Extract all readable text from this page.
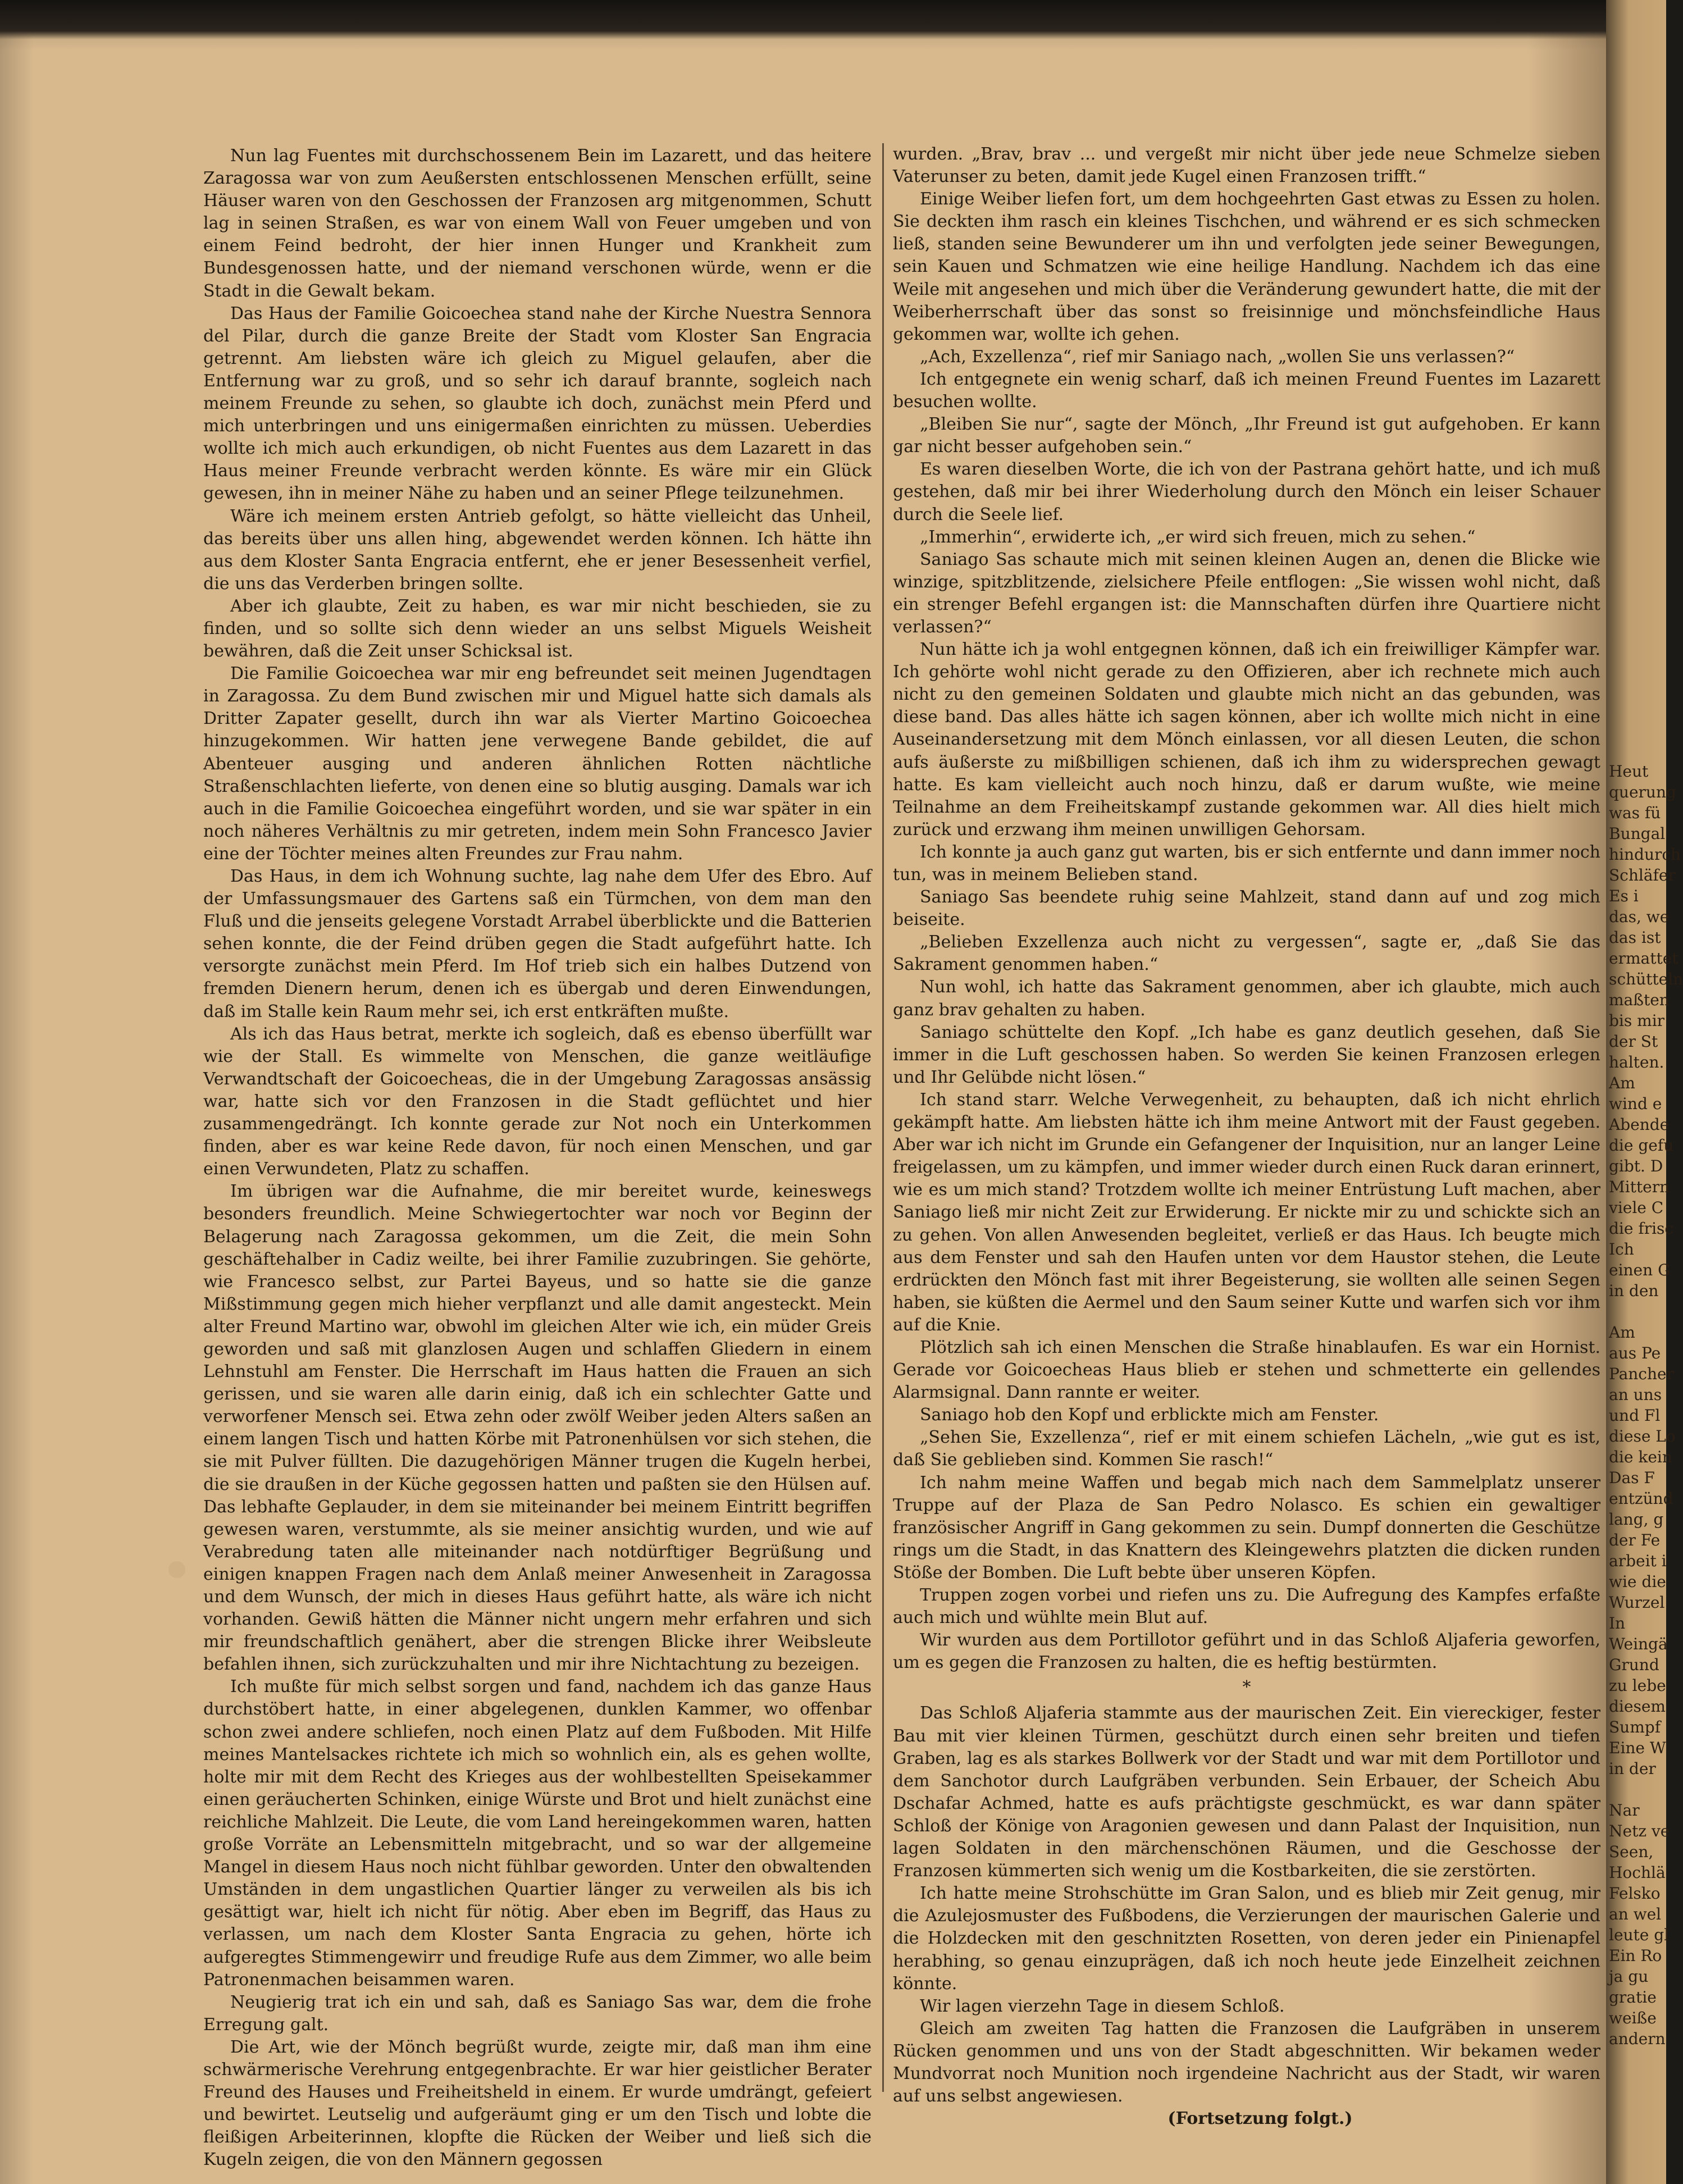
Nun lag Fuentes mit durchschossenem Bein im Lazarett, und das heitere Zaragossa war von zum Aeußersten entschlossenen Menschen erfüllt, seine Häuser waren von den Geschossen der Franzosen arg mitgenommen, Schutt lag in seinen Straßen, es war von einem Wall von Feuer umgeben und von einem Feind bedroht, der hier innen Hunger und Krankheit zum Bundesgenossen hatte, und der niemand verschonen würde, wenn er die Stadt in die Gewalt bekam.

Das Haus der Familie Goicoechea stand nahe der Kirche Nuestra Sennora del Pilar, durch die ganze Breite der Stadt vom Kloster San Engracia getrennt. Am liebsten wäre ich gleich zu Miguel gelaufen, aber die Entfernung war zu groß, und so sehr ich darauf brannte, sogleich nach meinem Freunde zu sehen, so glaubte ich doch, zunächst mein Pferd und mich unterbringen und uns einigermaßen einrichten zu müssen. Ueberdies wollte ich mich auch erkundigen, ob nicht Fuentes aus dem Lazarett in das Haus meiner Freunde verbracht werden könnte. Es wäre mir ein Glück gewesen, ihn in meiner Nähe zu haben und an seiner Pflege teilzunehmen.

Wäre ich meinem ersten Antrieb gefolgt, so hätte vielleicht das Unheil, das bereits über uns allen hing, abgewendet werden können. Ich hätte ihn aus dem Kloster Santa Engracia entfernt, ehe er jener Besessenheit verfiel, die uns das Verderben bringen sollte.

Aber ich glaubte, Zeit zu haben, es war mir nicht beschieden, sie zu finden, und so sollte sich denn wieder an uns selbst Miguels Weisheit bewähren, daß die Zeit unser Schicksal ist.

Die Familie Goicoechea war mir eng befreundet seit meinen Jugendtagen in Zaragossa. Zu dem Bund zwischen mir und Miguel hatte sich damals als Dritter Zapater gesellt, durch ihn war als Vierter Martino Goicoechea hinzugekommen. Wir hatten jene verwegene Bande gebildet, die auf Abenteuer ausging und anderen ähnlichen Rotten nächtliche Straßenschlachten lieferte, von denen eine so blutig ausging. Damals war ich auch in die Familie Goicoechea eingeführt worden, und sie war später in ein noch näheres Verhältnis zu mir getreten, indem mein Sohn Francesco Javier eine der Töchter meines alten Freundes zur Frau nahm.

Das Haus, in dem ich Wohnung suchte, lag nahe dem Ufer des Ebro. Auf der Umfassungsmauer des Gartens saß ein Türmchen, von dem man den Fluß und die jenseits gelegene Vorstadt Arrabel überblickte und die Batterien sehen konnte, die der Feind drüben gegen die Stadt aufgeführt hatte. Ich versorgte zunächst mein Pferd. Im Hof trieb sich ein halbes Dutzend von fremden Dienern herum, denen ich es übergab und deren Einwendungen, daß im Stalle kein Raum mehr sei, ich erst entkräften mußte.

Als ich das Haus betrat, merkte ich sogleich, daß es ebenso überfüllt war wie der Stall. Es wimmelte von Menschen, die ganze weitläufige Verwandtschaft der Goicoecheas, die in der Umgebung Zaragossas ansässig war, hatte sich vor den Franzosen in die Stadt geflüchtet und hier zusammengedrängt. Ich konnte gerade zur Not noch ein Unterkommen finden, aber es war keine Rede davon, für noch einen Menschen, und gar einen Verwundeten, Platz zu schaffen.

Im übrigen war die Aufnahme, die mir bereitet wurde, keineswegs besonders freundlich. Meine Schwiegertochter war noch vor Beginn der Belagerung nach Zaragossa gekommen, um die Zeit, die mein Sohn geschäftehalber in Cadiz weilte, bei ihrer Familie zuzubringen. Sie gehörte, wie Francesco selbst, zur Partei Bayeus, und so hatte sie die ganze Mißstimmung gegen mich hieher verpflanzt und alle damit angesteckt. Mein alter Freund Martino war, obwohl im gleichen Alter wie ich, ein müder Greis geworden und saß mit glanzlosen Augen und schlaffen Gliedern in einem Lehnstuhl am Fenster. Die Herrschaft im Haus hatten die Frauen an sich gerissen, und sie waren alle darin einig, daß ich ein schlechter Gatte und verworfener Mensch sei. Etwa zehn oder zwölf Weiber jeden Alters saßen an einem langen Tisch und hatten Körbe mit Patronenhülsen vor sich stehen, die sie mit Pulver füllten. Die dazugehörigen Männer trugen die Kugeln herbei, die sie draußen in der Küche gegossen hatten und paßten sie den Hülsen auf. Das lebhafte Geplauder, in dem sie miteinander bei meinem Eintritt begriffen gewesen waren, verstummte, als sie meiner ansichtig wurden, und wie auf Verabredung taten alle miteinander nach notdürftiger Begrüßung und einigen knappen Fragen nach dem Anlaß meiner Anwesenheit in Zaragossa und dem Wunsch, der mich in dieses Haus geführt hatte, als wäre ich nicht vorhanden. Gewiß hätten die Männer nicht ungern mehr erfahren und sich mir freundschaftlich genähert, aber die strengen Blicke ihrer Weibsleute befahlen ihnen, sich zurückzuhalten und mir ihre Nichtachtung zu bezeigen.

Ich mußte für mich selbst sorgen und fand, nachdem ich das ganze Haus durchstöbert hatte, in einer abgelegenen, dunklen Kammer, wo offenbar schon zwei andere schliefen, noch einen Platz auf dem Fußboden. Mit Hilfe meines Mantelsackes richtete ich mich so wohnlich ein, als es gehen wollte, holte mir mit dem Recht des Krieges aus der wohlbestellten Speisekammer einen geräucherten Schinken, einige Würste und Brot und hielt zunächst eine reichliche Mahlzeit. Die Leute, die vom Land hereingekommen waren, hatten große Vorräte an Lebensmitteln mitgebracht, und so war der allgemeine Mangel in diesem Haus noch nicht fühlbar geworden. Unter den obwaltenden Umständen in dem ungastlichen Quartier länger zu verweilen als bis ich gesättigt war, hielt ich nicht für nötig. Aber eben im Begriff, das Haus zu verlassen, um nach dem Kloster Santa Engracia zu gehen, hörte ich aufgeregtes Stimmengewirr und freudige Rufe aus dem Zimmer, wo alle beim Patronenmachen beisammen waren.

Neugierig trat ich ein und sah, daß es Saniago Sas war, dem die frohe Erregung galt.

Die Art, wie der Mönch begrüßt wurde, zeigte mir, daß man ihm eine schwärmerische Verehrung entgegenbrachte. Er war hier geistlicher Berater Freund des Hauses und Freiheitsheld in einem. Er wurde umdrängt, gefeiert und bewirtet. Leutselig und aufgeräumt ging er um den Tisch und lobte die fleißigen Arbeiterinnen, klopfte die Rücken der Weiber und ließ sich die Kugeln zeigen, die von den Männern gegossen

wurden. „Brav, brav ... und vergeßt mir nicht über jede neue Schmelze sieben Vaterunser zu beten, damit jede Kugel einen Franzosen trifft.“

Einige Weiber liefen fort, um dem hochgeehrten Gast etwas zu Essen zu holen. Sie deckten ihm rasch ein kleines Tischchen, und während er es sich schmecken ließ, standen seine Bewunderer um ihn und verfolgten jede seiner Bewegungen, sein Kauen und Schmatzen wie eine heilige Handlung. Nachdem ich das eine Weile mit angesehen und mich über die Veränderung gewundert hatte, die mit der Weiberherrschaft über das sonst so freisinnige und mönchsfeindliche Haus gekommen war, wollte ich gehen.

„Ach, Exzellenza“, rief mir Saniago nach, „wollen Sie uns verlassen?“

Ich entgegnete ein wenig scharf, daß ich meinen Freund Fuentes im Lazarett besuchen wollte.

„Bleiben Sie nur“, sagte der Mönch, „Ihr Freund ist gut aufgehoben. Er kann gar nicht besser aufgehoben sein.“

Es waren dieselben Worte, die ich von der Pastrana gehört hatte, und ich muß gestehen, daß mir bei ihrer Wiederholung durch den Mönch ein leiser Schauer durch die Seele lief.

„Immerhin“, erwiderte ich, „er wird sich freuen, mich zu sehen.“

Saniago Sas schaute mich mit seinen kleinen Augen an, denen die Blicke wie winzige, spitzblitzende, zielsichere Pfeile entflogen: „Sie wissen wohl nicht, daß ein strenger Befehl ergangen ist: die Mannschaften dürfen ihre Quartiere nicht verlassen?“

Nun hätte ich ja wohl entgegnen können, daß ich ein freiwilliger Kämpfer war. Ich gehörte wohl nicht gerade zu den Offizieren, aber ich rechnete mich auch nicht zu den gemeinen Soldaten und glaubte mich nicht an das gebunden, was diese band. Das alles hätte ich sagen können, aber ich wollte mich nicht in eine Auseinandersetzung mit dem Mönch einlassen, vor all diesen Leuten, die schon aufs äußerste zu mißbilligen schienen, daß ich ihm zu widersprechen gewagt hatte. Es kam vielleicht auch noch hinzu, daß er darum wußte, wie meine Teilnahme an dem Freiheitskampf zustande gekommen war. All dies hielt mich zurück und erzwang ihm meinen unwilligen Gehorsam.

Ich konnte ja auch ganz gut warten, bis er sich entfernte und dann immer noch tun, was in meinem Belieben stand.

Saniago Sas beendete ruhig seine Mahlzeit, stand dann auf und zog mich beiseite.

„Belieben Exzellenza auch nicht zu vergessen“, sagte er, „daß Sie das Sakrament genommen haben.“

Nun wohl, ich hatte das Sakrament genommen, aber ich glaubte, mich auch ganz brav gehalten zu haben.

Saniago schüttelte den Kopf. „Ich habe es ganz deutlich gesehen, daß Sie immer in die Luft geschossen haben. So werden Sie keinen Franzosen erlegen und Ihr Gelübde nicht lösen.“

Ich stand starr. Welche Verwegenheit, zu behaupten, daß ich nicht ehrlich gekämpft hatte. Am liebsten hätte ich ihm meine Antwort mit der Faust gegeben. Aber war ich nicht im Grunde ein Gefangener der Inquisition, nur an langer Leine freigelassen, um zu kämpfen, und immer wieder durch einen Ruck daran erinnert, wie es um mich stand? Trotzdem wollte ich meiner Entrüstung Luft machen, aber Saniago ließ mir nicht Zeit zur Erwiderung. Er nickte mir zu und schickte sich an zu gehen. Von allen Anwesenden begleitet, verließ er das Haus. Ich beugte mich aus dem Fenster und sah den Haufen unten vor dem Haustor stehen, die Leute erdrückten den Mönch fast mit ihrer Begeisterung, sie wollten alle seinen Segen haben, sie küßten die Aermel und den Saum seiner Kutte und warfen sich vor ihm auf die Knie.

Plötzlich sah ich einen Menschen die Straße hinablaufen. Es war ein Hornist. Gerade vor Goicoecheas Haus blieb er stehen und schmetterte ein gellendes Alarmsignal. Dann rannte er weiter.

Saniago hob den Kopf und erblickte mich am Fenster.

„Sehen Sie, Exzellenza“, rief er mit einem schiefen Lächeln, „wie gut es ist, daß Sie geblieben sind. Kommen Sie rasch!“

Ich nahm meine Waffen und begab mich nach dem Sammelplatz unserer Truppe auf der Plaza de San Pedro Nolasco. Es schien ein gewaltiger französischer Angriff in Gang gekommen zu sein. Dumpf donnerten die Geschütze rings um die Stadt, in das Knattern des Kleingewehrs platzten die dicken runden Stöße der Bomben. Die Luft bebte über unseren Köpfen.

Truppen zogen vorbei und riefen uns zu. Die Aufregung des Kampfes erfaßte auch mich und wühlte mein Blut auf.

Wir wurden aus dem Portillotor geführt und in das Schloß Aljaferia geworfen, um es gegen die Franzosen zu halten, die es heftig bestürmten.

*

Das Schloß Aljaferia stammte aus der maurischen Zeit. Ein viereckiger, fester Bau mit vier kleinen Türmen, geschützt durch einen sehr breiten und tiefen Graben, lag es als starkes Bollwerk vor der Stadt und war mit dem Portillotor und dem Sanchotor durch Laufgräben verbunden. Sein Erbauer, der Scheich Abu Dschafar Achmed, hatte es aufs prächtigste geschmückt, es war dann später Schloß der Könige von Aragonien gewesen und dann Palast der Inquisition, nun lagen Soldaten in den märchenschönen Räumen, und die Geschosse der Franzosen kümmerten sich wenig um die Kostbarkeiten, die sie zerstörten.

Ich hatte meine Strohschütte im Gran Salon, und es blieb mir Zeit genug, mir die Azulejosmuster des Fußbodens, die Verzierungen der maurischen Galerie und die Holzdecken mit den geschnitzten Rosetten, von deren jeder ein Pinienapfel herabhing, so genau einzuprägen, daß ich noch heute jede Einzelheit zeichnen könnte.

Wir lagen vierzehn Tage in diesem Schloß.

Gleich am zweiten Tag hatten die Franzosen die Laufgräben in unserem Rücken genommen und uns von der Stadt abgeschnitten. Wir bekamen weder Mundvorrat noch Munition noch irgendeine Nachricht aus der Stadt, wir waren auf uns selbst angewiesen.

(Fortsetzung folgt.)

Heut
querung
was fü
Bungal
hindurch
Schläfer
Es i
das, we
das ist
ermattet
schütteln
maßten
bis mir
der St
halten.
Am
wind e
Abende
die gefu
gibt. D
Mittern
viele C
die frisc
Ich
einen G
in den
Am
aus Pe
Pancher
an uns
und Fl
diese Lo
die kein
Das F
entzünd
lang, g
der Fe
arbeit i
wie die
Wurzel
In
Weingä
Grund
zu lebe
diesem
Sumpf
Eine W
in der
Nar
Netz ve
Seen,
Hochlä
Felsko
an wel
leute gl
Ein Ro
ja gu
gratie
weiße
andern
